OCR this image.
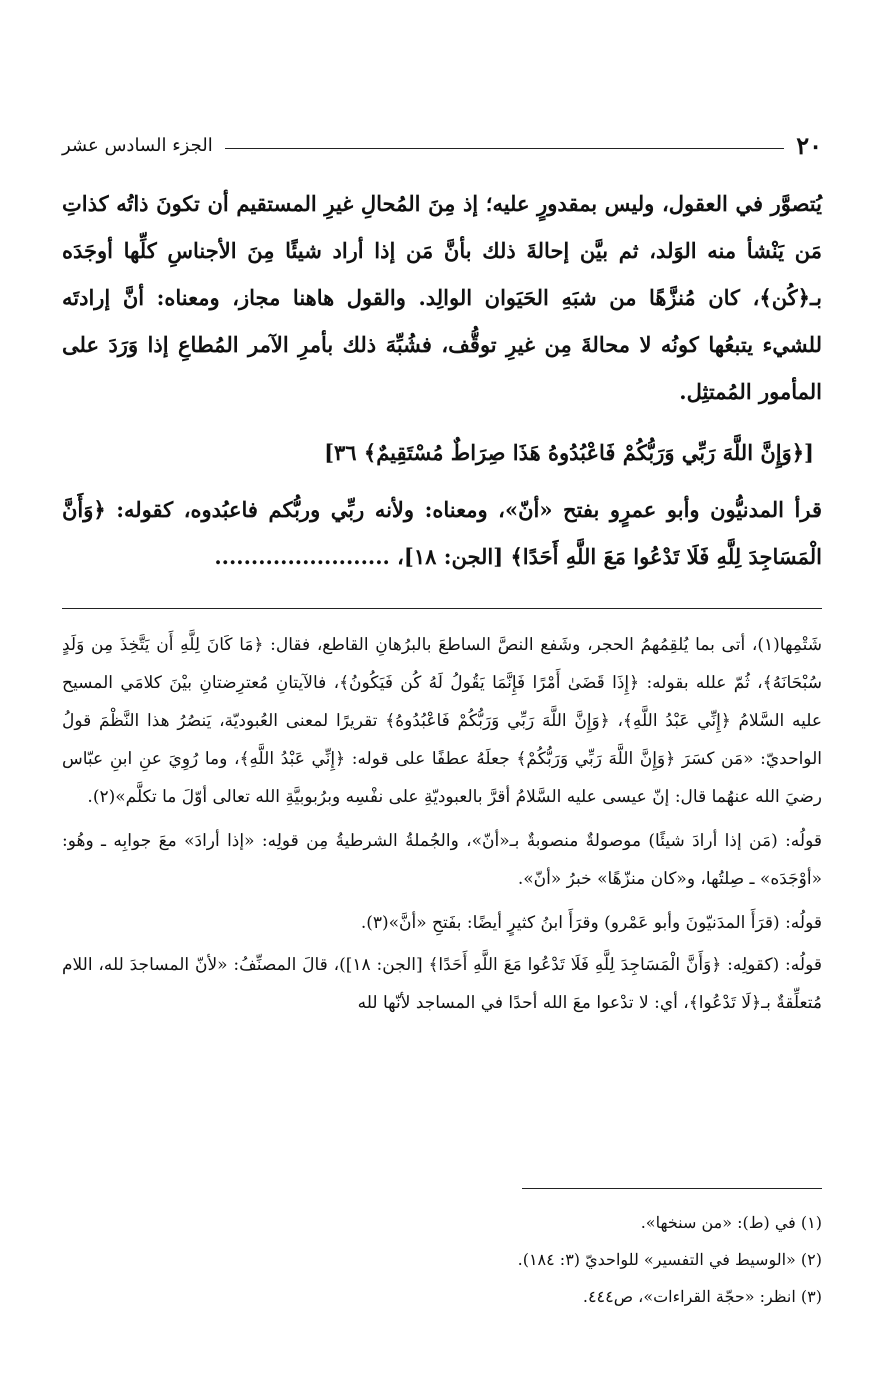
٢٠
الجزء السادس عشر

يُتصوَّر في العقول، وليس بمقدورٍ عليه؛ إذ مِنَ المُحالِ غيرِ المستقيم أن تكونَ ذاتُه كذاتِ مَن يَنْشأ منه الوَلد، ثم بيَّن إحالةَ ذلك بأنَّ مَن إذا أراد شيئًا مِنَ الأجناسِ كلِّها أوجَدَه بـ﴿كُن﴾، كان مُنزَّهًا من شبَهِ الحَيَوان الوالِد. والقول هاهنا مجاز، ومعناه: أنَّ إرادتَه للشيء يتبعُها كونُه لا محالةَ مِن غيرِ توقُّف، فشُبِّهَ ذلك بأمرِ الآمر المُطاعِ إذا وَرَدَ على المأمور المُمتثِل.

[﴿وَإِنَّ اللَّهَ رَبِّي وَرَبُّكُمْ فَاعْبُدُوهُ هَذَا صِرَاطٌ مُسْتَقِيمٌ﴾ ٣٦]

قرأ المدنيُّون وأبو عمرٍو بفتح «أنّ»، ومعناه: ولأنه ربِّي وربُّكم فاعبُدوه، كقوله: ﴿وَأَنَّ الْمَسَاجِدَ لِلَّهِ فَلَا تَدْعُوا مَعَ اللَّهِ أَحَدًا﴾ [الجن: ١٨]، ........................

شَتْمِها(١)، أتى بما يُلقِمُهمُ الحجر، وشَفع النصَّ الساطعَ بالبرُهانِ القاطع، فقال: ﴿مَا كَانَ لِلَّهِ أَن يَتَّخِذَ مِن وَلَدٍ سُبْحَانَهُ﴾، ثُمّ علله بقوله: ﴿إِذَا قَضَىٰ أَمْرًا فَإِنَّمَا يَقُولُ لَهُ كُن فَيَكُونُ﴾، فالآيتانِ مُعترِضتانِ بيْنَ كلامَي المسيح عليه السَّلامُ ﴿إِنِّي عَبْدُ اللَّهِ﴾، ﴿وَإِنَّ اللَّهَ رَبِّي وَرَبُّكُمْ فَاعْبُدُوهُ﴾ تقريرًا لمعنى العُبوديّة، يَنصُرُ هذا النَّظْمَ قولُ الواحديّ: «مَن كسَرَ ﴿وَإِنَّ اللَّهَ رَبِّي وَرَبُّكُمْ﴾ جعلَهُ عطفًا على قوله: ﴿إِنِّي عَبْدُ اللَّهِ﴾، وما رُوِيَ عنِ ابنِ عبّاس رضيَ الله عنهُما قال: إنّ عيسى عليه السَّلامُ أقرَّ بالعبوديّةِ على نفْسِه وبرُبوبيَّةِ الله تعالى أوّلَ ما تكلَّم»(٢).

قولُه: (مَن إذا أرادَ شيئًا) موصولةٌ منصوبةٌ بـ«أنّ»، والجُملةُ الشرطيةُ مِن قولِه: «إذا أرادَ» معَ جوابِه ـ وهُو: «أوْجَدَه» ـ صِلتُها، و«كان منزّهًا» خبرُ «أنّ».

قولُه: (قرَأَ المدَنيّونَ وأبو عَمْرو) وقرَأَ ابنُ كثيرٍ أيضًا: بفَتحِ «أنَّ»(٣).

قولُه: (كقولِه: ﴿وَأَنَّ الْمَسَاجِدَ لِلَّهِ فَلَا تَدْعُوا مَعَ اللَّهِ أَحَدًا﴾ [الجن: ١٨])، قالَ المصنِّفُ: «لأنّ المساجدَ لله، اللام مُتعلِّقةٌ بـ﴿لَا تَدْعُوا﴾، أي: لا تدْعوا معَ الله أحدًا في المساجد لأنّها لله

(١) في (ط): «من سنخها».
(٢) «الوسيط في التفسير» للواحديّ (٣: ١٨٤).
(٣) انظر: «حجّة القراءات»، ص٤٤٤.
